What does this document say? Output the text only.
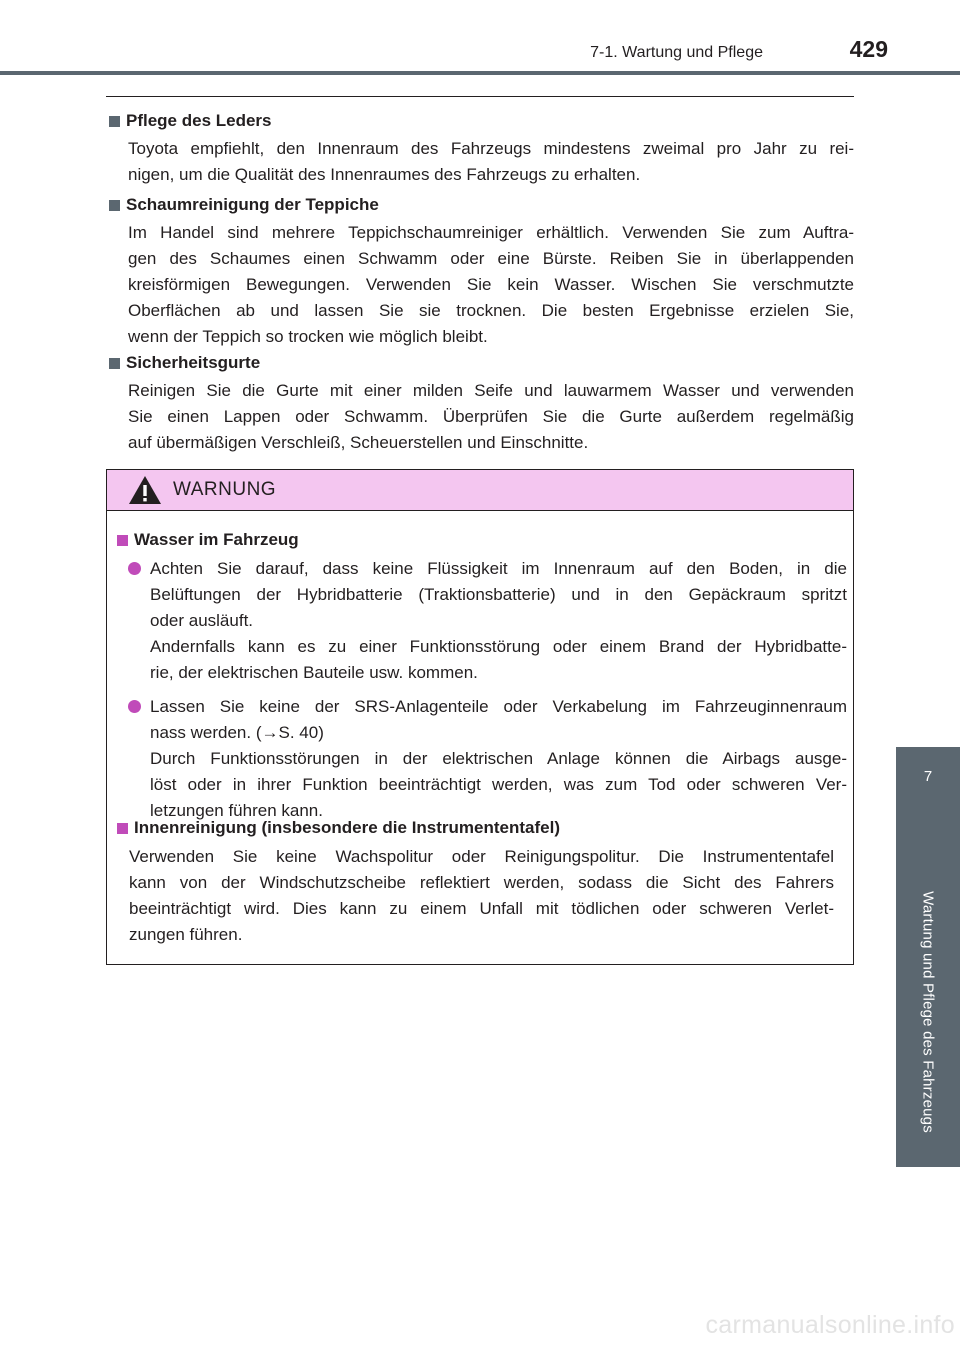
7-1. Wartung und Pflege	429
7
Wartung und Pflege des Fahrzeugs
Pflege des Leders

Toyota empfiehlt, den Innenraum des Fahrzeugs mindestens zweimal pro Jahr zu rei-
nigen, um die Qualität des Innenraumes des Fahrzeugs zu erhalten.

Schaumreinigung der Teppiche

Im Handel sind mehrere Teppichschaumreiniger erhältlich. Verwenden Sie zum Auftra-
gen des Schaumes einen Schwamm oder eine Bürste. Reiben Sie in überlappenden
kreisförmigen Bewegungen. Verwenden Sie kein Wasser. Wischen Sie verschmutzte
Oberflächen ab und lassen Sie sie trocknen. Die besten Ergebnisse erzielen Sie,
wenn der Teppich so trocken wie möglich bleibt.

Sicherheitsgurte

Reinigen Sie die Gurte mit einer milden Seife und lauwarmem Wasser und verwenden
Sie einen Lappen oder Schwamm. Überprüfen Sie die Gurte außerdem regelmäßig
auf übermäßigen Verschleiß, Scheuerstellen und Einschnitte.

WARNUNG
Wasser im Fahrzeug

Achten Sie darauf, dass keine Flüssigkeit im Innenraum auf den Boden, in die
Belüftungen der Hybridbatterie (Traktionsbatterie) und in den Gepäckraum spritzt
oder ausläuft.
Andernfalls kann es zu einer Funktionsstörung oder einem Brand der Hybridbatte-
rie, der elektrischen Bauteile usw. kommen.

Lassen Sie keine der SRS-Anlagenteile oder Verkabelung im Fahrzeuginnenraum
nass werden. (→S. 40)
Durch Funktionsstörungen in der elektrischen Anlage können die Airbags ausge-
löst oder in ihrer Funktion beeinträchtigt werden, was zum Tod oder schweren Ver-
letzungen führen kann.

Innenreinigung (insbesondere die Instrumententafel)

Verwenden Sie keine Wachspolitur oder Reinigungspolitur. Die Instrumententafel
kann von der Windschutzscheibe reflektiert werden, sodass die Sicht des Fahrers
beeinträchtigt wird. Dies kann zu einem Unfall mit tödlichen oder schweren Verlet-
zungen führen.

carmanualsonline.info
